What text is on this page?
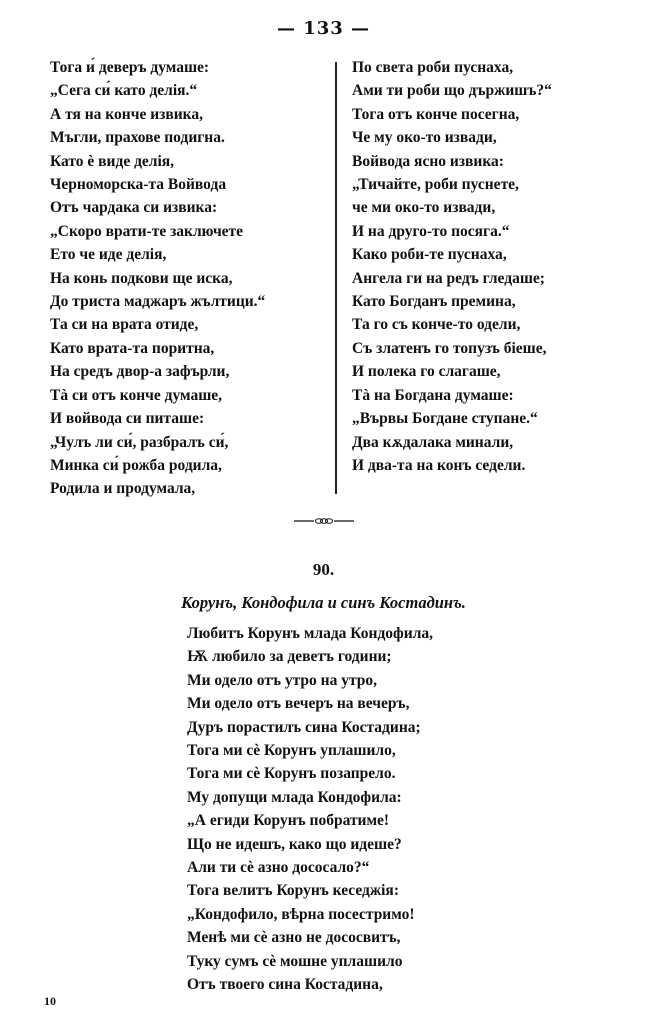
— 133 —
Тога и́ деверъ думаше:
„Сега си́ като делія.“
А тя на конче извика,
Мъгли, прахове подигна.
Като è виде делія,
Черноморска-та Войвода
Отъ чардака си извика:
„Скоро врати-те заключете
Ето че иде делія,
На конь подкови ще иска,
До триста маджаръ жълтици.“
Та си на врата отиде,
Като врата-та поритна,
На средъ двор-а зафърли,
Тà си отъ конче думаше,
И войвода си питаше:
„Чулъ ли си́, разбралъ си́,
Минка си́ рожба родила,
Родила и продумала,
По света роби пуснаха,
Ами ти роби що държишъ?“
Тога отъ конче посегна,
Че му око-то извади,
Войвода ясно извика:
„Тичайте, роби пуснете,
че ми око-то извади,
И на друго-то посяга.“
Како роби-те пуснаха,
Ангела ги на редъ гледаше;
Като Богданъ премина,
Та го съ конче-то одели,
Съ златенъ го топузъ біеше,
И полека го слагаше,
Тà на Богдана думаше:
„Вървы Богдане ступане.“
Два кѫдалака минали,
И два-та на конъ седели.
90.
Корунъ, Кондофила и синъ Костадинъ.
Любитъ Корунъ млада Кондофила,
Ѭ любило за деветъ години;
Ми одело отъ утро на утро,
Ми одело отъ вечеръ на вечеръ,
Дуръ порастилъ сина Костадина;
Тога ми сѐ Корунъ уплашило,
Тога ми сѐ Корунъ позапрело.
Му допущи млада Кондофила:
„А егиди Корунъ побратиме!
Що не идешъ, како що идеше?
Али ти сѐ азно дососало?“
Тога велитъ Корунъ кеседжія:
„Кондофило, вѣрна посестримо!
Менѣ ми сѐ азно не дососвитъ,
Туку сумъ сѐ мошне уплашило
Отъ твоего сина Костадина,
10
